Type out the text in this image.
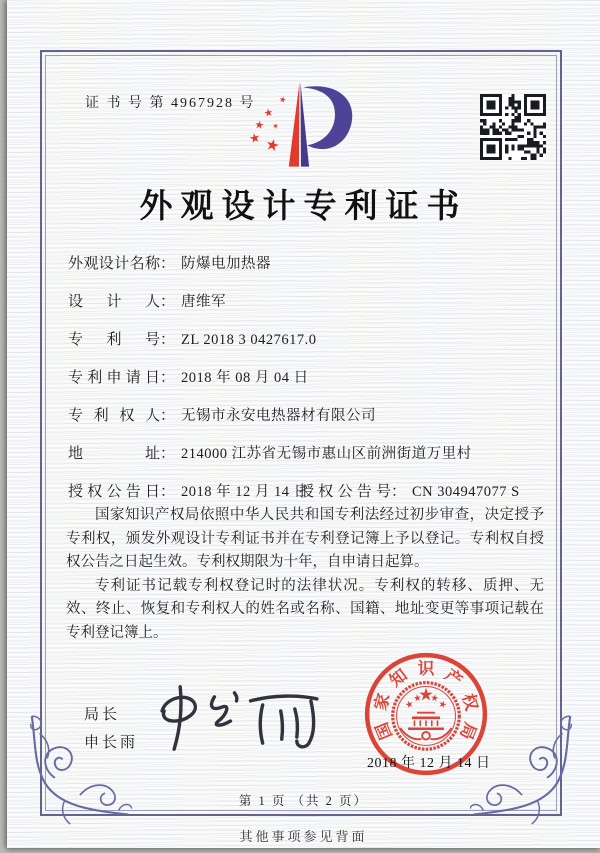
证 书 号 第 4967928 号
外观设计专利证书
外观设计名称： 防爆电加热器
设计人： 唐维军
专利号： ZL 2018 3 0427617.0
专利申请日： 2018 年 08 月 04 日
专利权人： 无锡市永安电热器材有限公司
地址： 214000 江苏省无锡市惠山区前洲街道万里村
授权公告日： 2018 年 12 月 14 日
授权公告号： CN 304947077 S

国家知识产权局依照中华人民共和国专利法经过初步审查，决定授予专利权，颁发外观设计专利证书并在专利登记簿上予以登记。专利权自授权公告之日起生效。专利权期限为十年，自申请日起算。

专利证书记载专利权登记时的法律状况。专利权的转移、质押、无效、终止、恢复和专利权人的姓名或名称、国籍、地址变更等事项记载在专利登记簿上。

局长
申长雨
国
家
知 识 产
权
局
2018 年 12 月 14 日
第 1 页 （共 2 页）
其他事项参见背面
